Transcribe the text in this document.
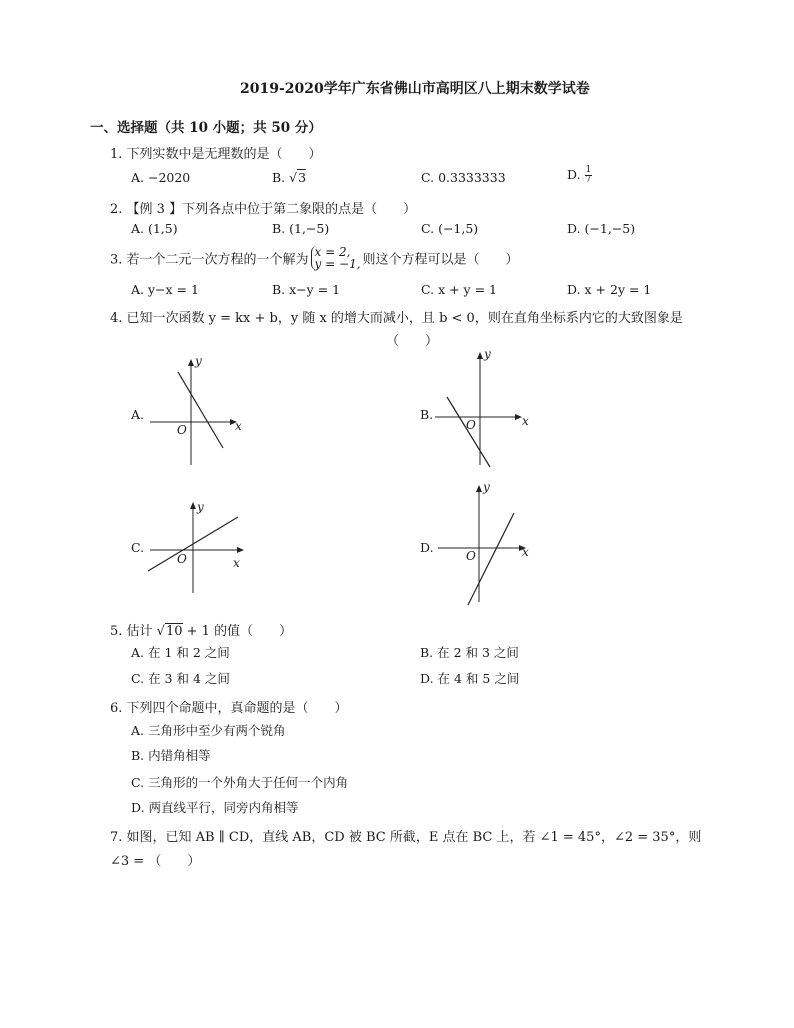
2019-2020学年广东省佛山市高明区八上期末数学试卷
一、选择题（共 10 小题；共 50 分）
1. 下列实数中是无理数的是（　　）
A. −2020	B. √3	C. 0.3333333	D. $\frac{1}{7}$
2. 【例 3 】下列各点中位于第二象限的点是（　　）
A. (1,5)	B. (1,−5)	C. (−1,5)	D. (−1,−5)
3. 若一个二元一次方程的一个解为
x = 2,
y = −1, 则这个方程可以是（　　）
A. y−x = 1	B. x−y = 1	C. x + y = 1	D. x + 2y = 1
4. 已知一次函数 y = kx + b，y 随 x 的增大而减小，且 b < 0，则在直角坐标系内它的大致图象是
（　　）
A.
x
y
O
B.	x
y
O
C.
x
y
O
D.	x
y
O
5. 估计 √10 + 1 的值（　　）
A. 在 1 和 2 之间	B. 在 2 和 3 之间
C. 在 3 和 4 之间	D. 在 4 和 5 之间
6. 下列四个命题中，真命题的是（　　）
A. 三角形中至少有两个锐角
B. 内错角相等
C. 三角形的一个外角大于任何一个内角
D. 两直线平行，同旁内角相等
7. 如图，已知 AB ∥ CD，直线 AB，CD 被 BC 所截，E 点在 BC 上，若 ∠1 = 45°，∠2 = 35°，则
∠3 = （　　）
